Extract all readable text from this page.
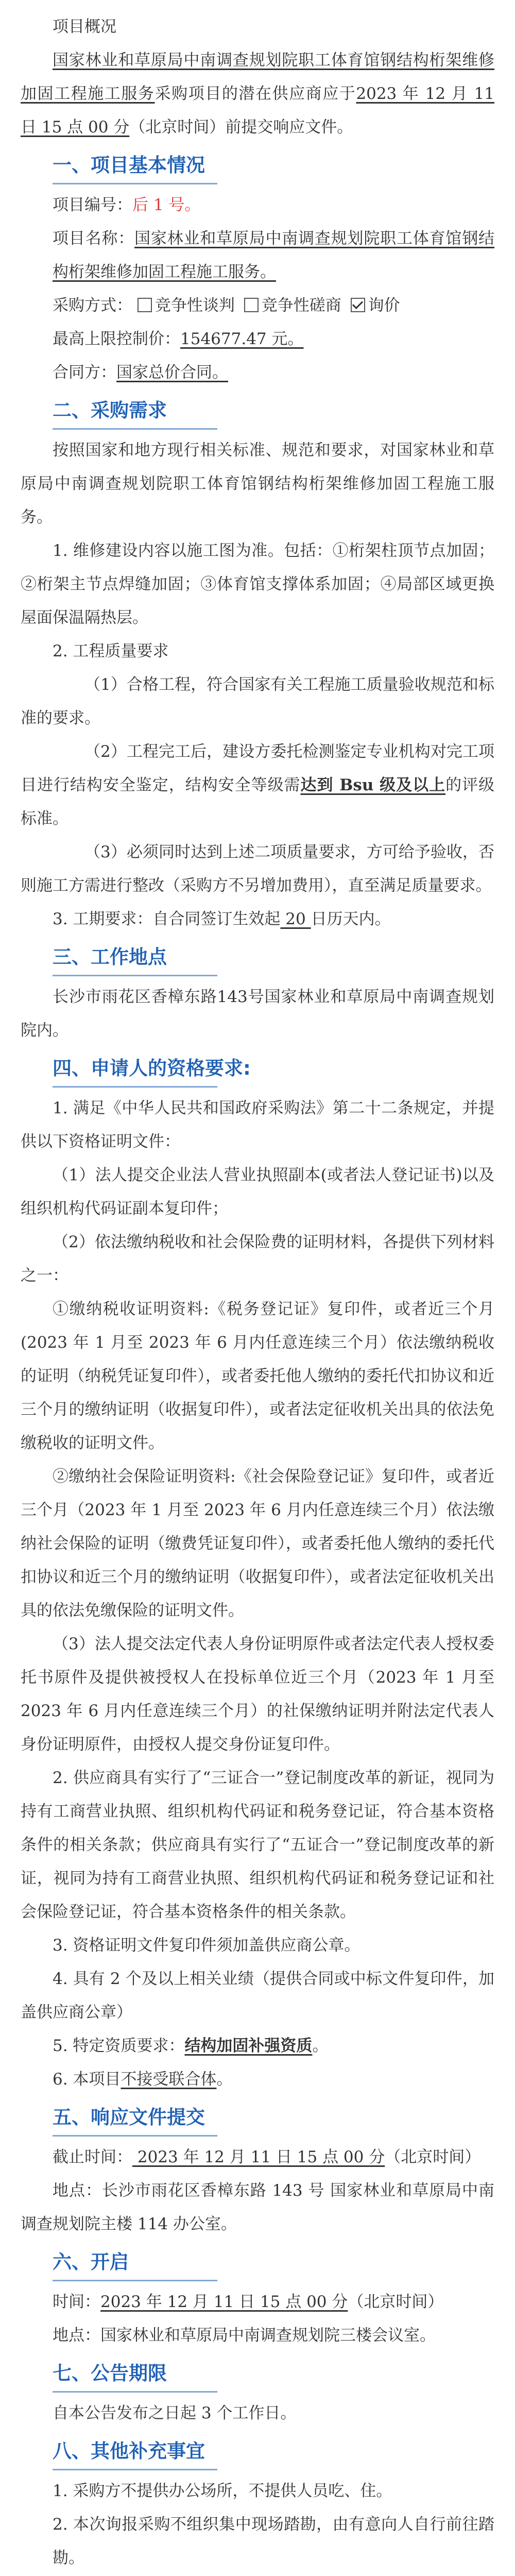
项目概况

国家林业和草原局中南调查规划院职工体育馆钢结构桁架维修加固工程施工服务采购项目的潜在供应商应于2023 年 12 月 11 日 15 点 00 分（北京时间）前提交响应文件。

一、项目基本情况

项目编号：后 1 号。

项目名称：国家林业和草原局中南调查规划院职工体育馆钢结构桁架维修加固工程施工服务。

采购方式： 竞争性谈判 竞争性磋商 询价

最高上限控制价：154677.47 元。

合同方：国家总价合同。

二、采购需求

按照国家和地方现行相关标准、规范和要求，对国家林业和草原局中南调查规划院职工体育馆钢结构桁架维修加固工程施工服务。

1. 维修建设内容以施工图为准。包括：①桁架柱顶节点加固；②桁架主节点焊缝加固；③体育馆支撑体系加固；④局部区域更换屋面保温隔热层。

2. 工程质量要求

（1）合格工程，符合国家有关工程施工质量验收规范和标准的要求。

（2）工程完工后，建设方委托检测鉴定专业机构对完工项目进行结构安全鉴定，结构安全等级需达到 Bsu 级及以上的评级标准。

（3）必须同时达到上述二项质量要求，方可给予验收，否则施工方需进行整改（采购方不另增加费用），直至满足质量要求。

3. 工期要求：自合同签订生效起 20 日历天内。

三、工作地点

长沙市雨花区香樟东路143号国家林业和草原局中南调查规划院内。

四、申请人的资格要求:

1. 满足《中华人民共和国政府采购法》第二十二条规定，并提供以下资格证明文件：

（1）法人提交企业法人营业执照副本(或者法人登记证书)以及组织机构代码证副本复印件；

（2）依法缴纳税收和社会保险费的证明材料，各提供下列材料之一：

①缴纳税收证明资料:《税务登记证》复印件，或者近三个月(2023 年 1 月至 2023 年 6 月内任意连续三个月）依法缴纳税收的证明（纳税凭证复印件），或者委托他人缴纳的委托代扣协议和近三个月的缴纳证明（收据复印件），或者法定征收机关出具的依法免缴税收的证明文件。

②缴纳社会保险证明资料:《社会保险登记证》复印件，或者近三个月（2023 年 1 月至 2023 年 6 月内任意连续三个月）依法缴纳社会保险的证明（缴费凭证复印件），或者委托他人缴纳的委托代扣协议和近三个月的缴纳证明（收据复印件），或者法定征收机关出具的依法免缴保险的证明文件。

（3）法人提交法定代表人身份证明原件或者法定代表人授权委托书原件及提供被授权人在投标单位近三个月（2023 年 1 月至 2023 年 6 月内任意连续三个月）的社保缴纳证明并附法定代表人身份证明原件，由授权人提交身份证复印件。

2. 供应商具有实行了“三证合一”登记制度改革的新证，视同为持有工商营业执照、组织机构代码证和税务登记证，符合基本资格条件的相关条款；供应商具有实行了“五证合一”登记制度改革的新证，视同为持有工商营业执照、组织机构代码证和税务登记证和社会保险登记证，符合基本资格条件的相关条款。

3. 资格证明文件复印件须加盖供应商公章。

4. 具有 2 个及以上相关业绩（提供合同或中标文件复印件，加盖供应商公章）

5. 特定资质要求：结构加固补强资质。

6. 本项目不接受联合体。

五、响应文件提交

截止时间： 2023 年 12 月 11 日 15 点 00 分（北京时间）

地点：长沙市雨花区香樟东路 143 号 国家林业和草原局中南调查规划院主楼 114 办公室。

六、开启

时间：2023 年 12 月 11 日 15 点 00 分（北京时间）

地点：国家林业和草原局中南调查规划院三楼会议室。

七、公告期限

自本公告发布之日起 3 个工作日。

八、其他补充事宜

1. 采购方不提供办公场所，不提供人员吃、住。

2. 本次询报采购不组织集中现场踏勘，由有意向人自行前往踏勘。
